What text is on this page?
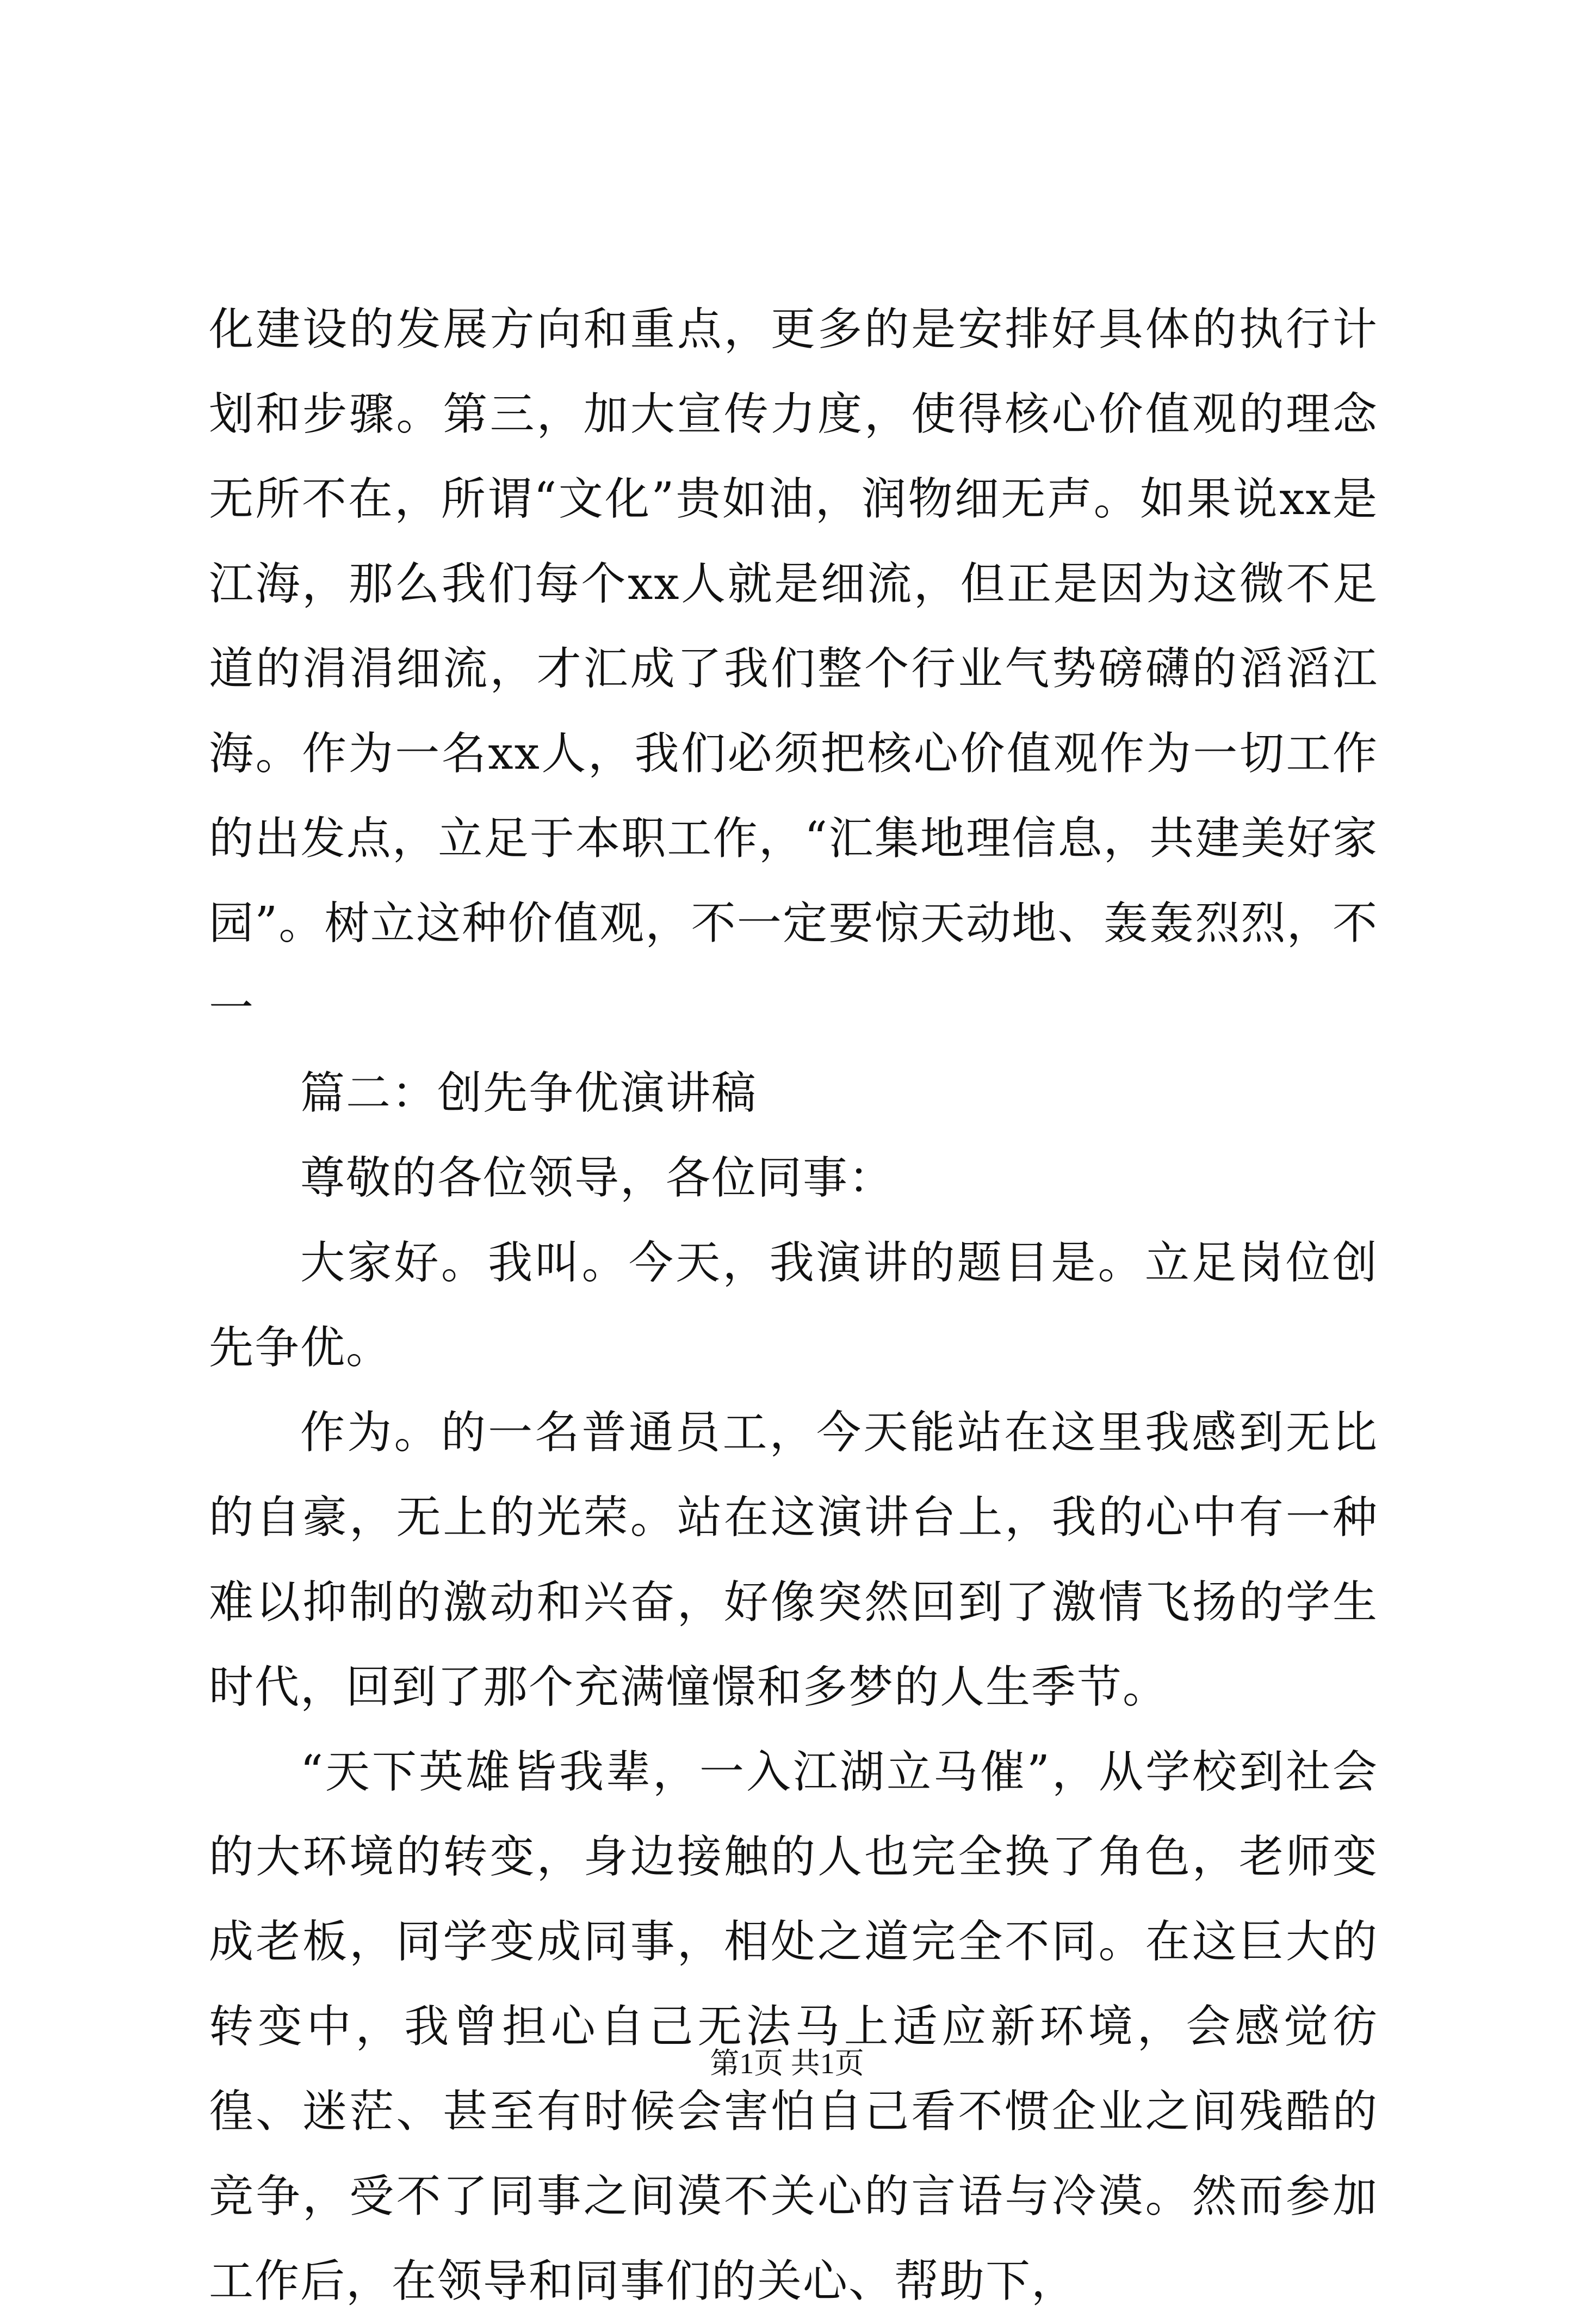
化建设的发展方向和重点，更多的是安排好具体的执行计划和步骤。第三，加大宣传力度，使得核心价值观的理念无所不在，所谓“文化”贵如油，润物细无声。如果说xx是江海，那么我们每个xx人就是细流，但正是因为这微不足道的涓涓细流，才汇成了我们整个行业气势磅礴的滔滔江海。作为一名xx人，我们必须把核心价值观作为一切工作的出发点，立足于本职工作，“汇集地理信息，共建美好家园”。树立这种价值观，不一定要惊天动地、轰轰烈烈，不一

篇二：创先争优演讲稿

尊敬的各位领导，各位同事：

大家好。我叫。今天，我演讲的题目是。立足岗位创先争优。

作为。的一名普通员工，今天能站在这里我感到无比的自豪，无上的光荣。站在这演讲台上，我的心中有一种难以抑制的激动和兴奋，好像突然回到了激情飞扬的学生时代，回到了那个充满憧憬和多梦的人生季节。

“天下英雄皆我辈，一入江湖立马催”，从学校到社会的大环境的转变，身边接触的人也完全换了角色，老师变成老板，同学变成同事，相处之道完全不同。在这巨大的转变中，我曾担心自己无法马上适应新环境，会感觉彷徨、迷茫、甚至有时候会害怕自己看不惯企业之间残酷的竞争，受不了同事之间漠不关心的言语与冷漠。然而参加工作后，在领导和同事们的关心、帮助下，

第1页 共1页
